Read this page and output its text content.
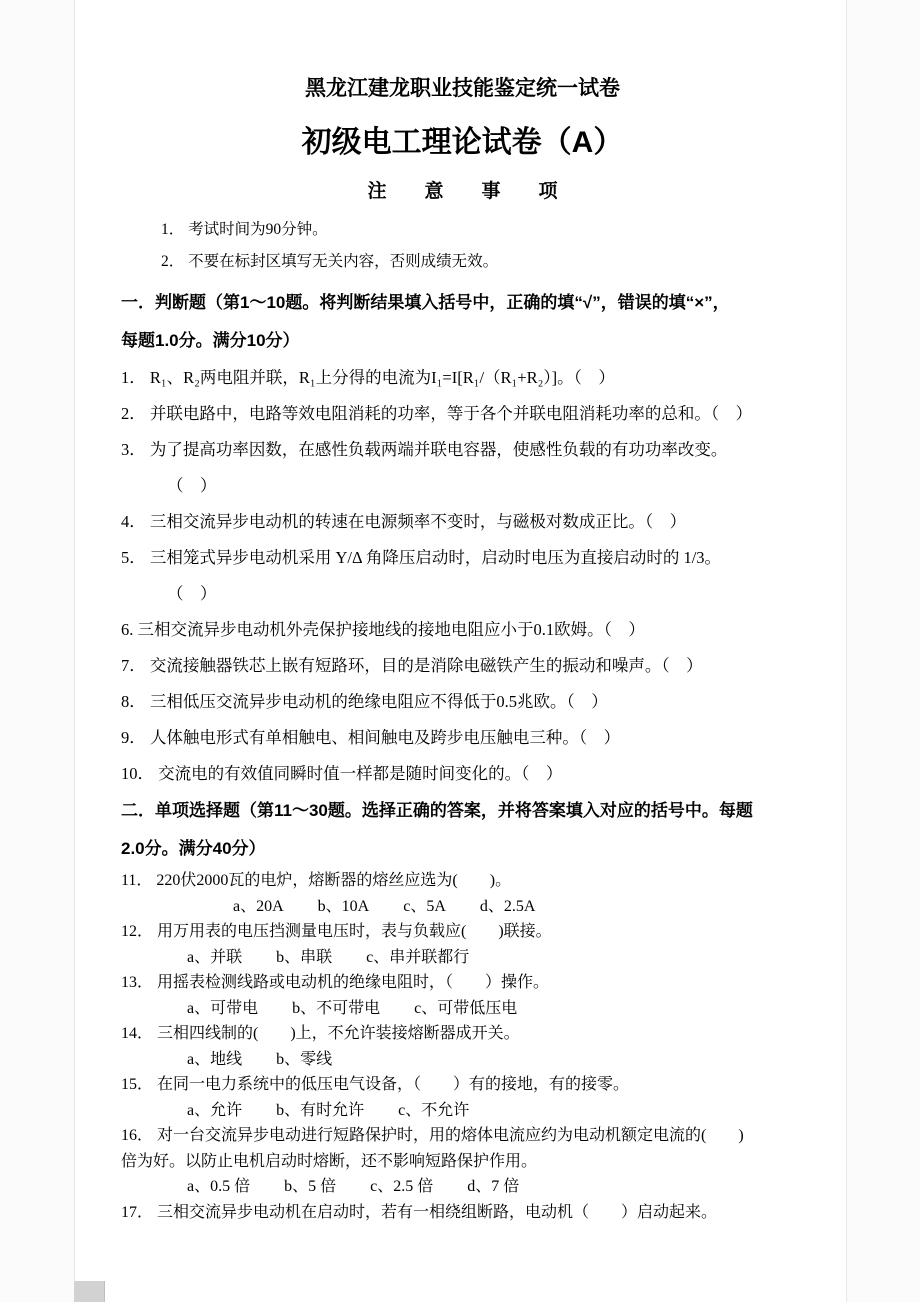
黑龙江建龙职业技能鉴定统一试卷
初级电工理论试卷（A）
注　　意　　事　　项
1． 考试时间为90分钟。
2． 不要在标封区填写无关内容，否则成绩无效。
一．判断题（第1～10题。将判断结果填入括号中，正确的填“√”，错误的填“×”，
每题1.0分。满分10分）
1． R₁、R₂两电阻并联，R₁上分得的电流为I₁=I[R₁/（R₁+R₂）]。（　）
2． 并联电路中，电路等效电阻消耗的功率，等于各个并联电阻消耗功率的总和。（　）
3． 为了提高功率因数，在感性负载两端并联电容器，使感性负载的有功功率改变。
（　）
4． 三相交流异步电动机的转速在电源频率不变时，与磁极对数成正比。（　）
5． 三相笼式异步电动机采用 Y/Δ 角降压启动时，启动时电压为直接启动时的 1/3。
（　）
6. 三相交流异步电动机外壳保护接地线的接地电阻应小于0.1欧姆。（　）
7． 交流接触器铁芯上嵌有短路环，目的是消除电磁铁产生的振动和噪声。（　）
8． 三相低压交流异步电动机的绝缘电阻应不得低于0.5兆欧。（　）
9． 人体触电形式有单相触电、相间触电及跨步电压触电三种。（　）
10． 交流电的有效值同瞬时值一样都是随时间变化的。（　）
二．单项选择题（第11～30题。选择正确的答案，并将答案填入对应的括号中。每题
2.0分。满分40分）
11． 220伏2000瓦的电炉，熔断器的熔丝应选为(　　)。
a、20A b、10A c、5A d、2.5A
12． 用万用表的电压挡测量电压时，表与负载应(　　)联接。
a、并联 b、串联 c、串并联都行
13． 用摇表检测线路或电动机的绝缘电阻时，（　　）操作。
a、可带电 b、不可带电 c、可带低压电
14． 三相四线制的(　　)上，不允许装接熔断器成开关。
a、地线 b、零线
15． 在同一电力系统中的低压电气设备，（　　）有的接地，有的接零。
a、允许 b、有时允许 c、不允许
16． 对一台交流异步电动进行短路保护时，用的熔体电流应约为电动机额定电流的(　　)
倍为好。以防止电机启动时熔断，还不影响短路保护作用。
a、0.5 倍 b、5 倍 c、2.5 倍 d、7 倍
17． 三相交流异步电动机在启动时，若有一相绕组断路，电动机（　　）启动起来。
